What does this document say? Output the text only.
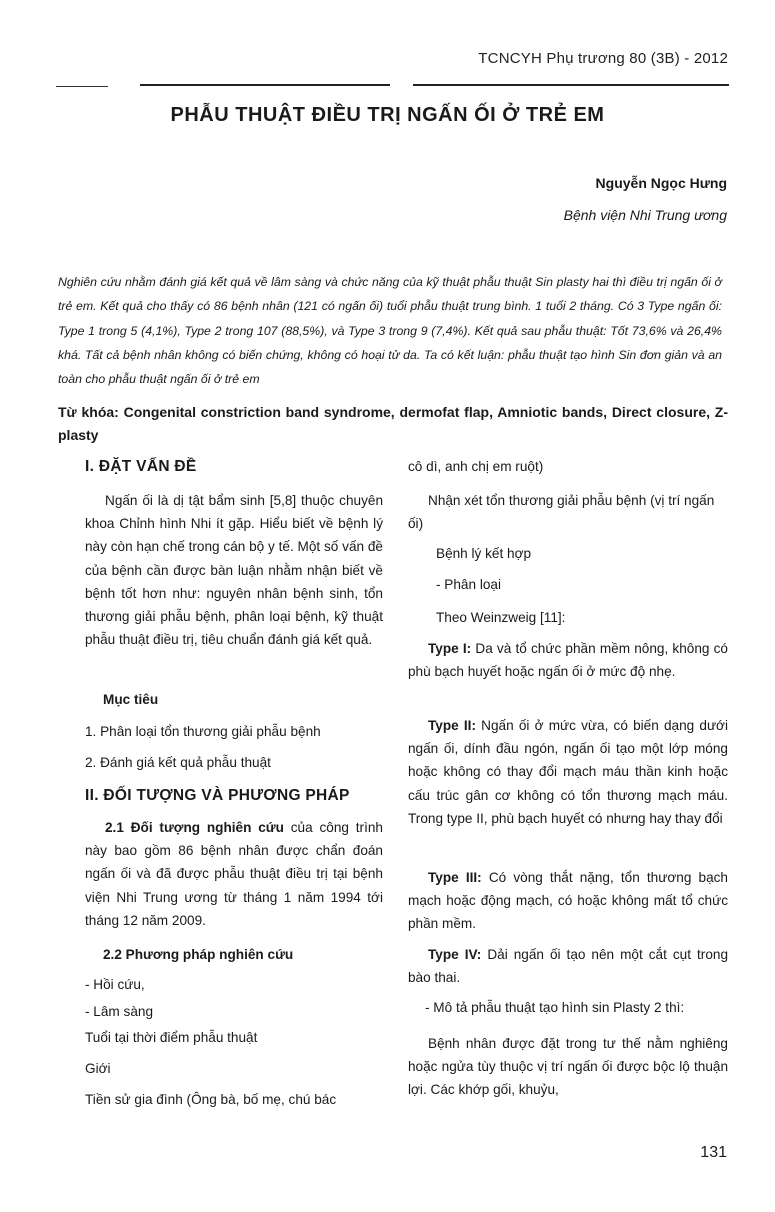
TCNCYH Phụ trương 80 (3B) - 2012
PHẪU THUẬT ĐIỀU TRỊ NGẤN ỐI Ở TRẺ EM
Nguyễn Ngọc Hưng
Bệnh viện Nhi Trung ương
Nghiên cứu nhằm đánh giá kết quả về lâm sàng và chức năng của kỹ thuật phẫu thuật Sin plasty hai thì điều trị ngấn ối ở trẻ em. Kết quả cho thấy có 86 bệnh nhân (121 có ngấn ối) tuổi phẫu thuật trung bình. 1 tuổi 2 tháng. Có 3 Type ngấn ối: Type 1 trong 5 (4,1%), Type 2 trong 107 (88,5%), và Type 3 trong 9 (7,4%). Kết quả sau phẫu thuật: Tốt 73,6% và 26,4% khá. Tất cả bệnh nhân không có biến chứng, không có hoại tử da. Ta có kết luận: phẫu thuật tạo hình Sin đơn giản và an toàn cho phẫu thuật ngấn ối ở trẻ em
Từ khóa: Congenital constriction band syndrome, dermofat flap, Amniotic bands, Direct closure, Z-plasty

I. ĐẶT VẤN ĐỀ

Ngấn ối là dị tật bẩm sinh [5,8] thuộc chuyên khoa Chỉnh hình Nhi ít gặp. Hiểu biết về bệnh lý này còn hạn chế trong cán bộ y tế. Một số vấn đề của bệnh cần được bàn luận nhằm nhận biết về bệnh tốt hơn như: nguyên nhân bệnh sinh, tổn thương giải phẫu bệnh, phân loại bệnh, kỹ thuật phẫu thuật điều trị, tiêu chuẩn đánh giá kết quả.
Mục tiêu
1. Phân loại tổn thương giải phẫu bệnh
2. Đánh giá kết quả phẫu thuật
II. ĐỐI TƯỢNG VÀ PHƯƠNG PHÁP
2.1 Đối tượng nghiên cứu của công trình này bao gồm 86 bệnh nhân được chẩn đoán ngấn ối và đã được phẫu thuật điều trị tại bệnh viện Nhi Trung ương từ tháng 1 năm 1994 tới tháng 12 năm 2009.
2.2 Phương pháp nghiên cứu
- Hồi cứu,
- Lâm sàng
Tuổi tại thời điểm phẫu thuật
Giới
Tiền sử gia đình (Ông bà, bố mẹ, chú bác
cô dì, anh chị em ruột)
Nhận xét tổn thương giải phẫu bệnh (vị trí ngấn ối)
Bệnh lý kết hợp
- Phân loại
Theo Weinzweig [11]:
Type I: Da và tổ chức phần mềm nông, không có phù bạch huyết hoặc ngấn ối ở mức độ nhẹ.
Type II: Ngấn ối ở mức vừa, có biến dạng dưới ngấn ối, dính đầu ngón, ngấn ối tạo một lớp móng hoặc không có thay đổi mạch máu thần kinh hoặc cấu trúc gân cơ không có tổn thương mạch máu. Trong type II, phù bạch huyết có nhưng hay thay đổi
Type III: Có vòng thắt nặng, tổn thương bạch mạch hoặc động mạch, có hoặc không mất tổ chức phần mềm.
Type IV: Dải ngấn ối tạo nên một cắt cụt trong bào thai.
- Mô tả phẫu thuật tạo hình sin Plasty 2 thì:
Bệnh nhân được đặt trong tư thế nằm nghiêng hoặc ngửa tùy thuộc vị trí ngấn ối được bộc lộ thuận lợi. Các khớp gối, khuỷu,
131
